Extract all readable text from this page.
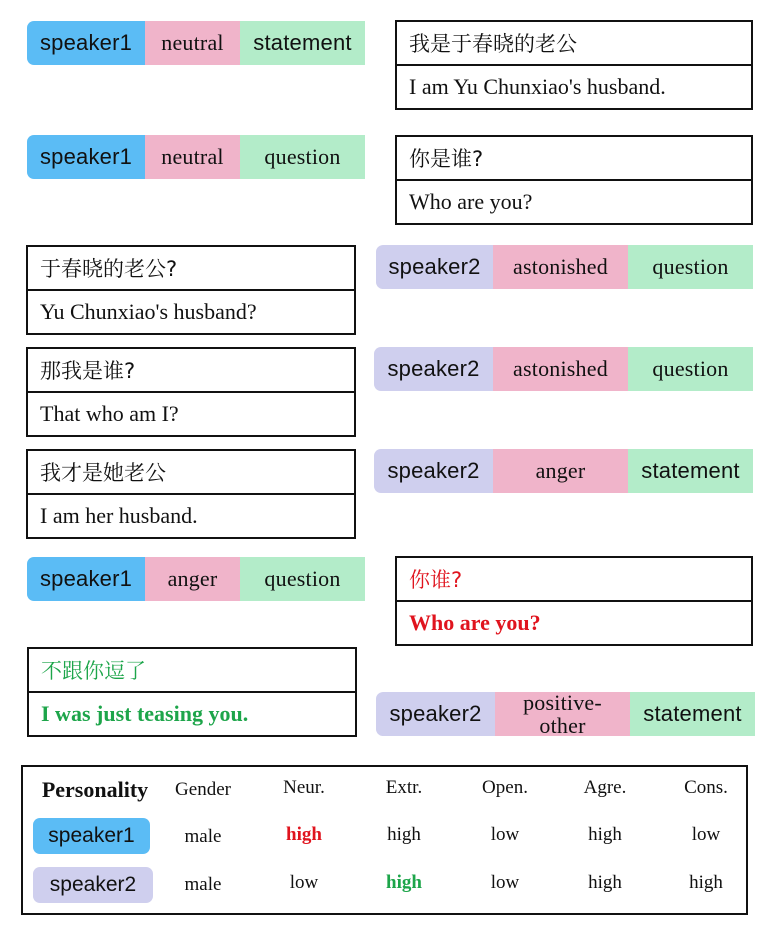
speaker1	neutral	statement	我是于春晓的老公
I am Yu Chunxiao's husband.
speaker1	neutral	question	你是谁?
Who are you?
于春晓的老公?
Yu Chunxiao's husband?
speaker2	astonished	question
那我是谁?
That who am I?
speaker2	astonished	question
我才是她老公
I am her husband.
speaker2	anger	statement
speaker1	anger	question	你谁?
Who are you?
不跟你逗了
I was just teasing you.	speaker2	positive-
other	statement
Personality Gender	Neur.	Extr.	Open.	Agre.	Cons.
speaker1	male	high	high	low	high	low
speaker2	male	low	high	low	high	high
